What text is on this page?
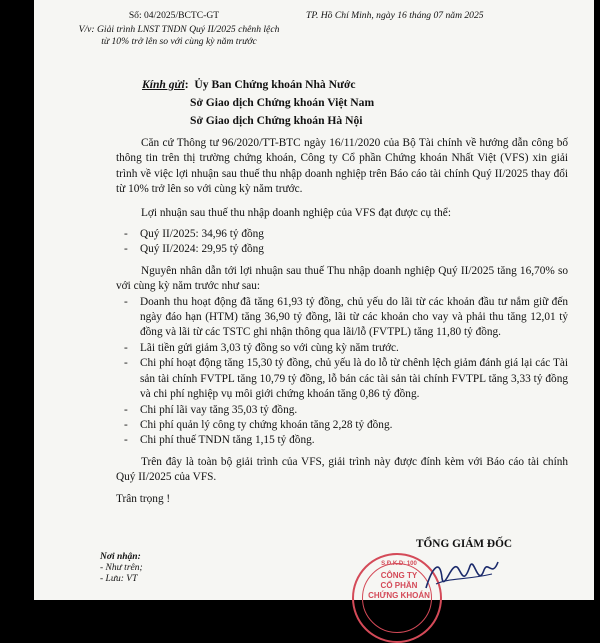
Số: 04/2025/BCTC-GT
V/v: Giải trình LNST TNDN Quý II/2025 chênh lệch từ 10% trở lên so với cùng kỳ năm trước
TP. Hồ Chí Minh, ngày 16 tháng 07 năm 2025
Kính gửi : Ủy Ban Chứng khoán Nhà Nước
Sở Giao dịch Chứng khoán Việt Nam
Sở Giao dịch Chứng khoán Hà Nội

Căn cứ Thông tư 96/2020/TT-BTC ngày 16/11/2020 của Bộ Tài chính về hướng dẫn công bố thông tin trên thị trường chứng khoán, Công ty Cổ phần Chứng khoán Nhất Việt (VFS) xin giải trình về việc lợi nhuận sau thuế thu nhập doanh nghiệp trên Báo cáo tài chính Quý II/2025 thay đổi từ 10% trở lên so với cùng kỳ năm trước.

Lợi nhuận sau thuế thu nhập doanh nghiệp của VFS đạt được cụ thể:

-	Quý II/2025: 34,96 tỷ đồng
-	Quý II/2024: 29,95 tỷ đồng

Nguyên nhân dẫn tới lợi nhuận sau thuế Thu nhập doanh nghiệp Quý II/2025 tăng 16,70% so với cùng kỳ năm trước như sau:

-	Doanh thu hoạt động đã tăng 61,93 tỷ đồng, chủ yếu do lãi từ các khoản đầu tư nắm giữ đến ngày đáo hạn (HTM) tăng 36,90 tỷ đồng, lãi từ các khoản cho vay và phải thu tăng 12,01 tỷ đồng và lãi từ các TSTC ghi nhận thông qua lãi/lỗ (FVTPL) tăng 11,80 tỷ đồng.
-	Lãi tiền gửi giảm 3,03 tỷ đồng so với cùng kỳ năm trước.
-	Chi phí hoạt động tăng 15,30 tỷ đồng, chủ yếu là do lỗ từ chênh lệch giảm đánh giá lại các Tài sản tài chính FVTPL tăng 10,79 tỷ đồng, lỗ bán các tài sản tài chính FVTPL tăng 3,33 tỷ đồng và chi phí nghiệp vụ môi giới chứng khoán tăng 0,86 tỷ đồng.
-	Chi phí lãi vay tăng 35,03 tỷ đồng.
-	Chi phí quản lý công ty chứng khoán tăng 2,28 tỷ đồng.
-	Chi phí thuế TNDN tăng 1,15 tỷ đồng.

Trên đây là toàn bộ giải trình của VFS, giải trình này được đính kèm với Báo cáo tài chính Quý II/2025 của VFS.

Trân trọng !

Nơi nhận:
- Như trên;
- Lưu: VT
TỔNG GIÁM ĐỐC
S.Đ.K.D: 100
CÔNG TY
CỔ PHẦN
CHỨNG KHOÁN
